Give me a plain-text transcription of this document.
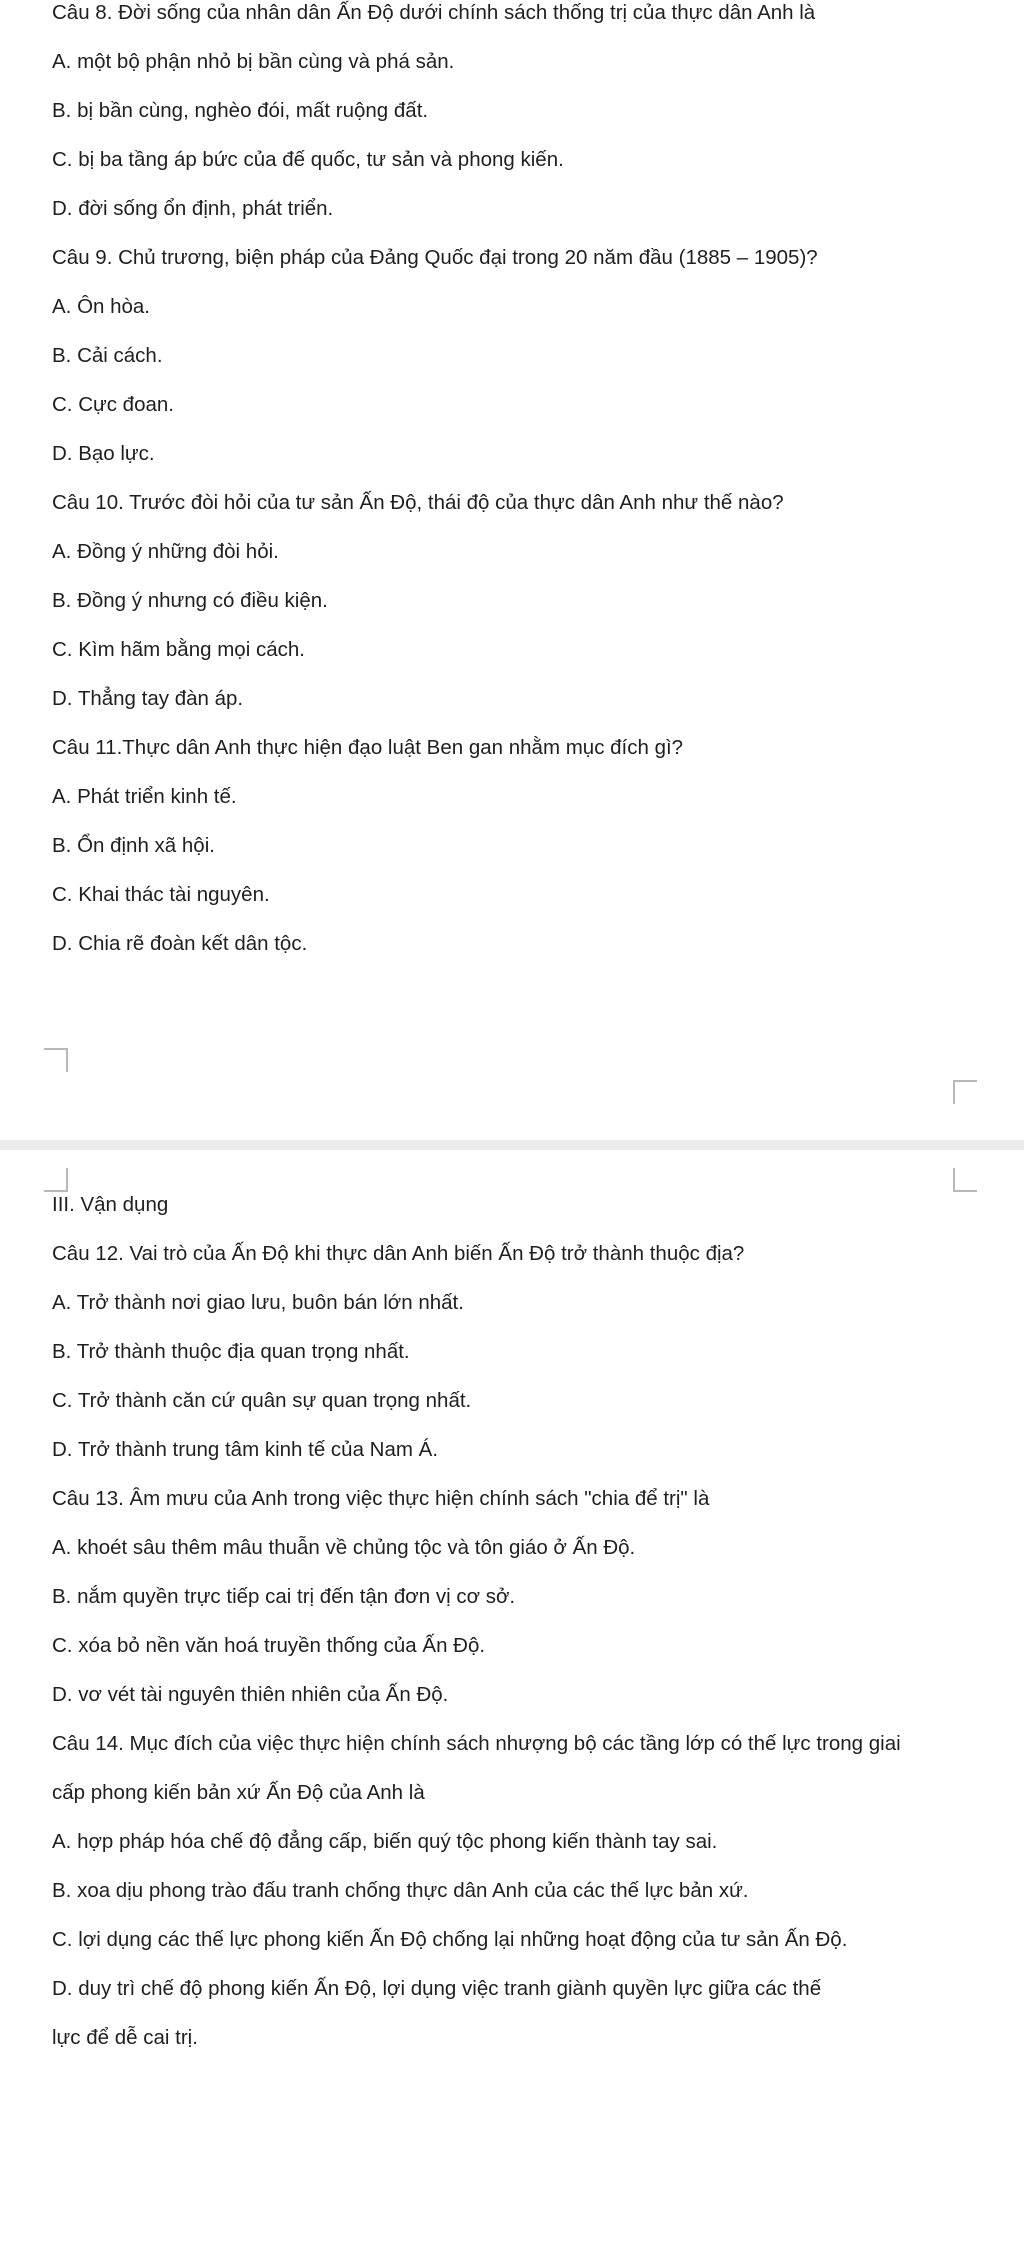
Câu 8. Đời sống của nhân dân Ấn Độ dưới chính sách thống trị của thực dân Anh là
A. một bộ phận nhỏ bị bần cùng và phá sản.
B. bị bần cùng, nghèo đói, mất ruộng đất.
C. bị ba tầng áp bức của đế quốc, tư sản và phong kiến.
D. đời sống ổn định, phát triển.
Câu 9. Chủ trương, biện pháp của Đảng Quốc đại trong 20 năm đầu (1885 – 1905)?
A. Ôn hòa.
B. Cải cách.
C. Cực đoan.
D. Bạo lực.
Câu 10. Trước đòi hỏi của tư sản Ấn Độ, thái độ của thực dân Anh như thế nào?
A. Đồng ý những đòi hỏi.
B. Đồng ý nhưng có điều kiện.
C. Kìm hãm bằng mọi cách.
D. Thẳng tay đàn áp.
Câu 11.Thực dân Anh thực hiện đạo luật Ben gan nhằm mục đích gì?
A. Phát triển kinh tế.
B. Ổn định xã hội.
C. Khai thác tài nguyên.
D. Chia rẽ đoàn kết dân tộc.
III. Vận dụng
Câu 12. Vai trò của Ấn Độ khi thực dân Anh biến Ấn Độ trở thành thuộc địa?
A. Trở thành nơi giao lưu, buôn bán lớn nhất.
B. Trở thành thuộc địa quan trọng nhất.
C. Trở thành căn cứ quân sự quan trọng nhất.
D. Trở thành trung tâm kinh tế của Nam Á.
Câu 13. Âm mưu của Anh trong việc thực hiện chính sách "chia để trị" là
A. khoét sâu thêm mâu thuẫn về chủng tộc và tôn giáo ở Ấn Độ.
B. nắm quyền trực tiếp cai trị đến tận đơn vị cơ sở.
C. xóa bỏ nền văn hoá truyền thống của Ấn Độ.
D. vơ vét tài nguyên thiên nhiên của Ấn Độ.
Câu 14. Mục đích của việc thực hiện chính sách nhượng bộ các tầng lớp có thế lực trong giai
cấp phong kiến bản xứ Ấn Độ của Anh là
A. hợp pháp hóa chế độ đẳng cấp, biến quý tộc phong kiến thành tay sai.
B. xoa dịu phong trào đấu tranh chống thực dân Anh của các thế lực bản xứ.
C. lợi dụng các thế lực phong kiến Ấn Độ chống lại những hoạt động của tư sản Ấn Độ.
D. duy trì chế độ phong kiến Ấn Độ, lợi dụng việc tranh giành quyền lực giữa các thế
lực để dễ cai trị.
